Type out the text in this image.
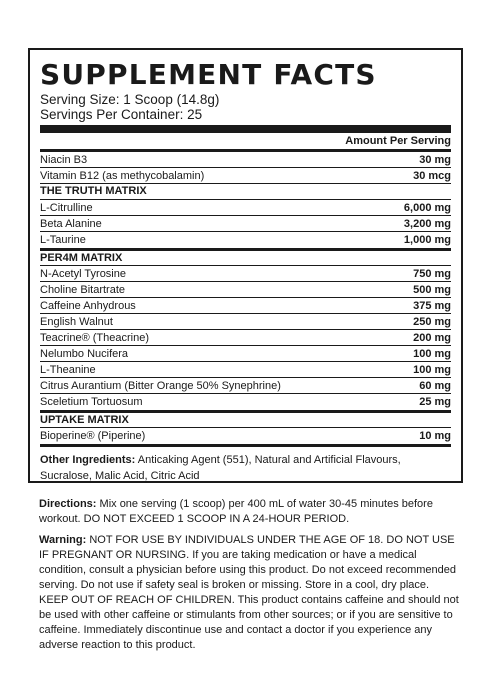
SUPPLEMENT FACTS
Serving Size: 1 Scoop (14.8g)
Servings Per Container: 25
Amount Per Serving
Niacin B3	30 mg
Vitamin B12 (as methycobalamin)	30 mcg
THE TRUTH MATRIX
L-Citrulline	6,000 mg
Beta Alanine	3,200 mg
L-Taurine	1,000 mg
PER4M MATRIX
N-Acetyl Tyrosine	750 mg
Choline Bitartrate	500 mg
Caffeine Anhydrous	375 mg
English Walnut	250 mg
Teacrine® (Theacrine)	200 mg
Nelumbo Nucifera	100 mg
L-Theanine	100 mg
Citrus Aurantium (Bitter Orange 50% Synephrine)	60 mg
Sceletium Tortuosum	25 mg
UPTAKE MATRIX
Bioperine® (Piperine)	10 mg
Other Ingredients: Anticaking Agent (551), Natural and Artificial Flavours, Sucralose, Malic Acid, Citric Acid
Directions: Mix one serving (1 scoop) per 400 mL of water 30-45 minutes before workout. DO NOT EXCEED 1 SCOOP IN A 24-HOUR PERIOD.
Warning: NOT FOR USE BY INDIVIDUALS UNDER THE AGE OF 18. DO NOT USE IF PREGNANT OR NURSING. If you are taking medication or have a medical condition, consult a physician before using this product. Do not exceed recommended serving. Do not use if safety seal is broken or missing. Store in a cool, dry place. KEEP OUT OF REACH OF CHILDREN. This product contains caffeine and should not be used with other caffeine or stimulants from other sources; or if you are sensitive to caffeine. Immediately discontinue use and contact a doctor if you experience any adverse reaction to this product.
